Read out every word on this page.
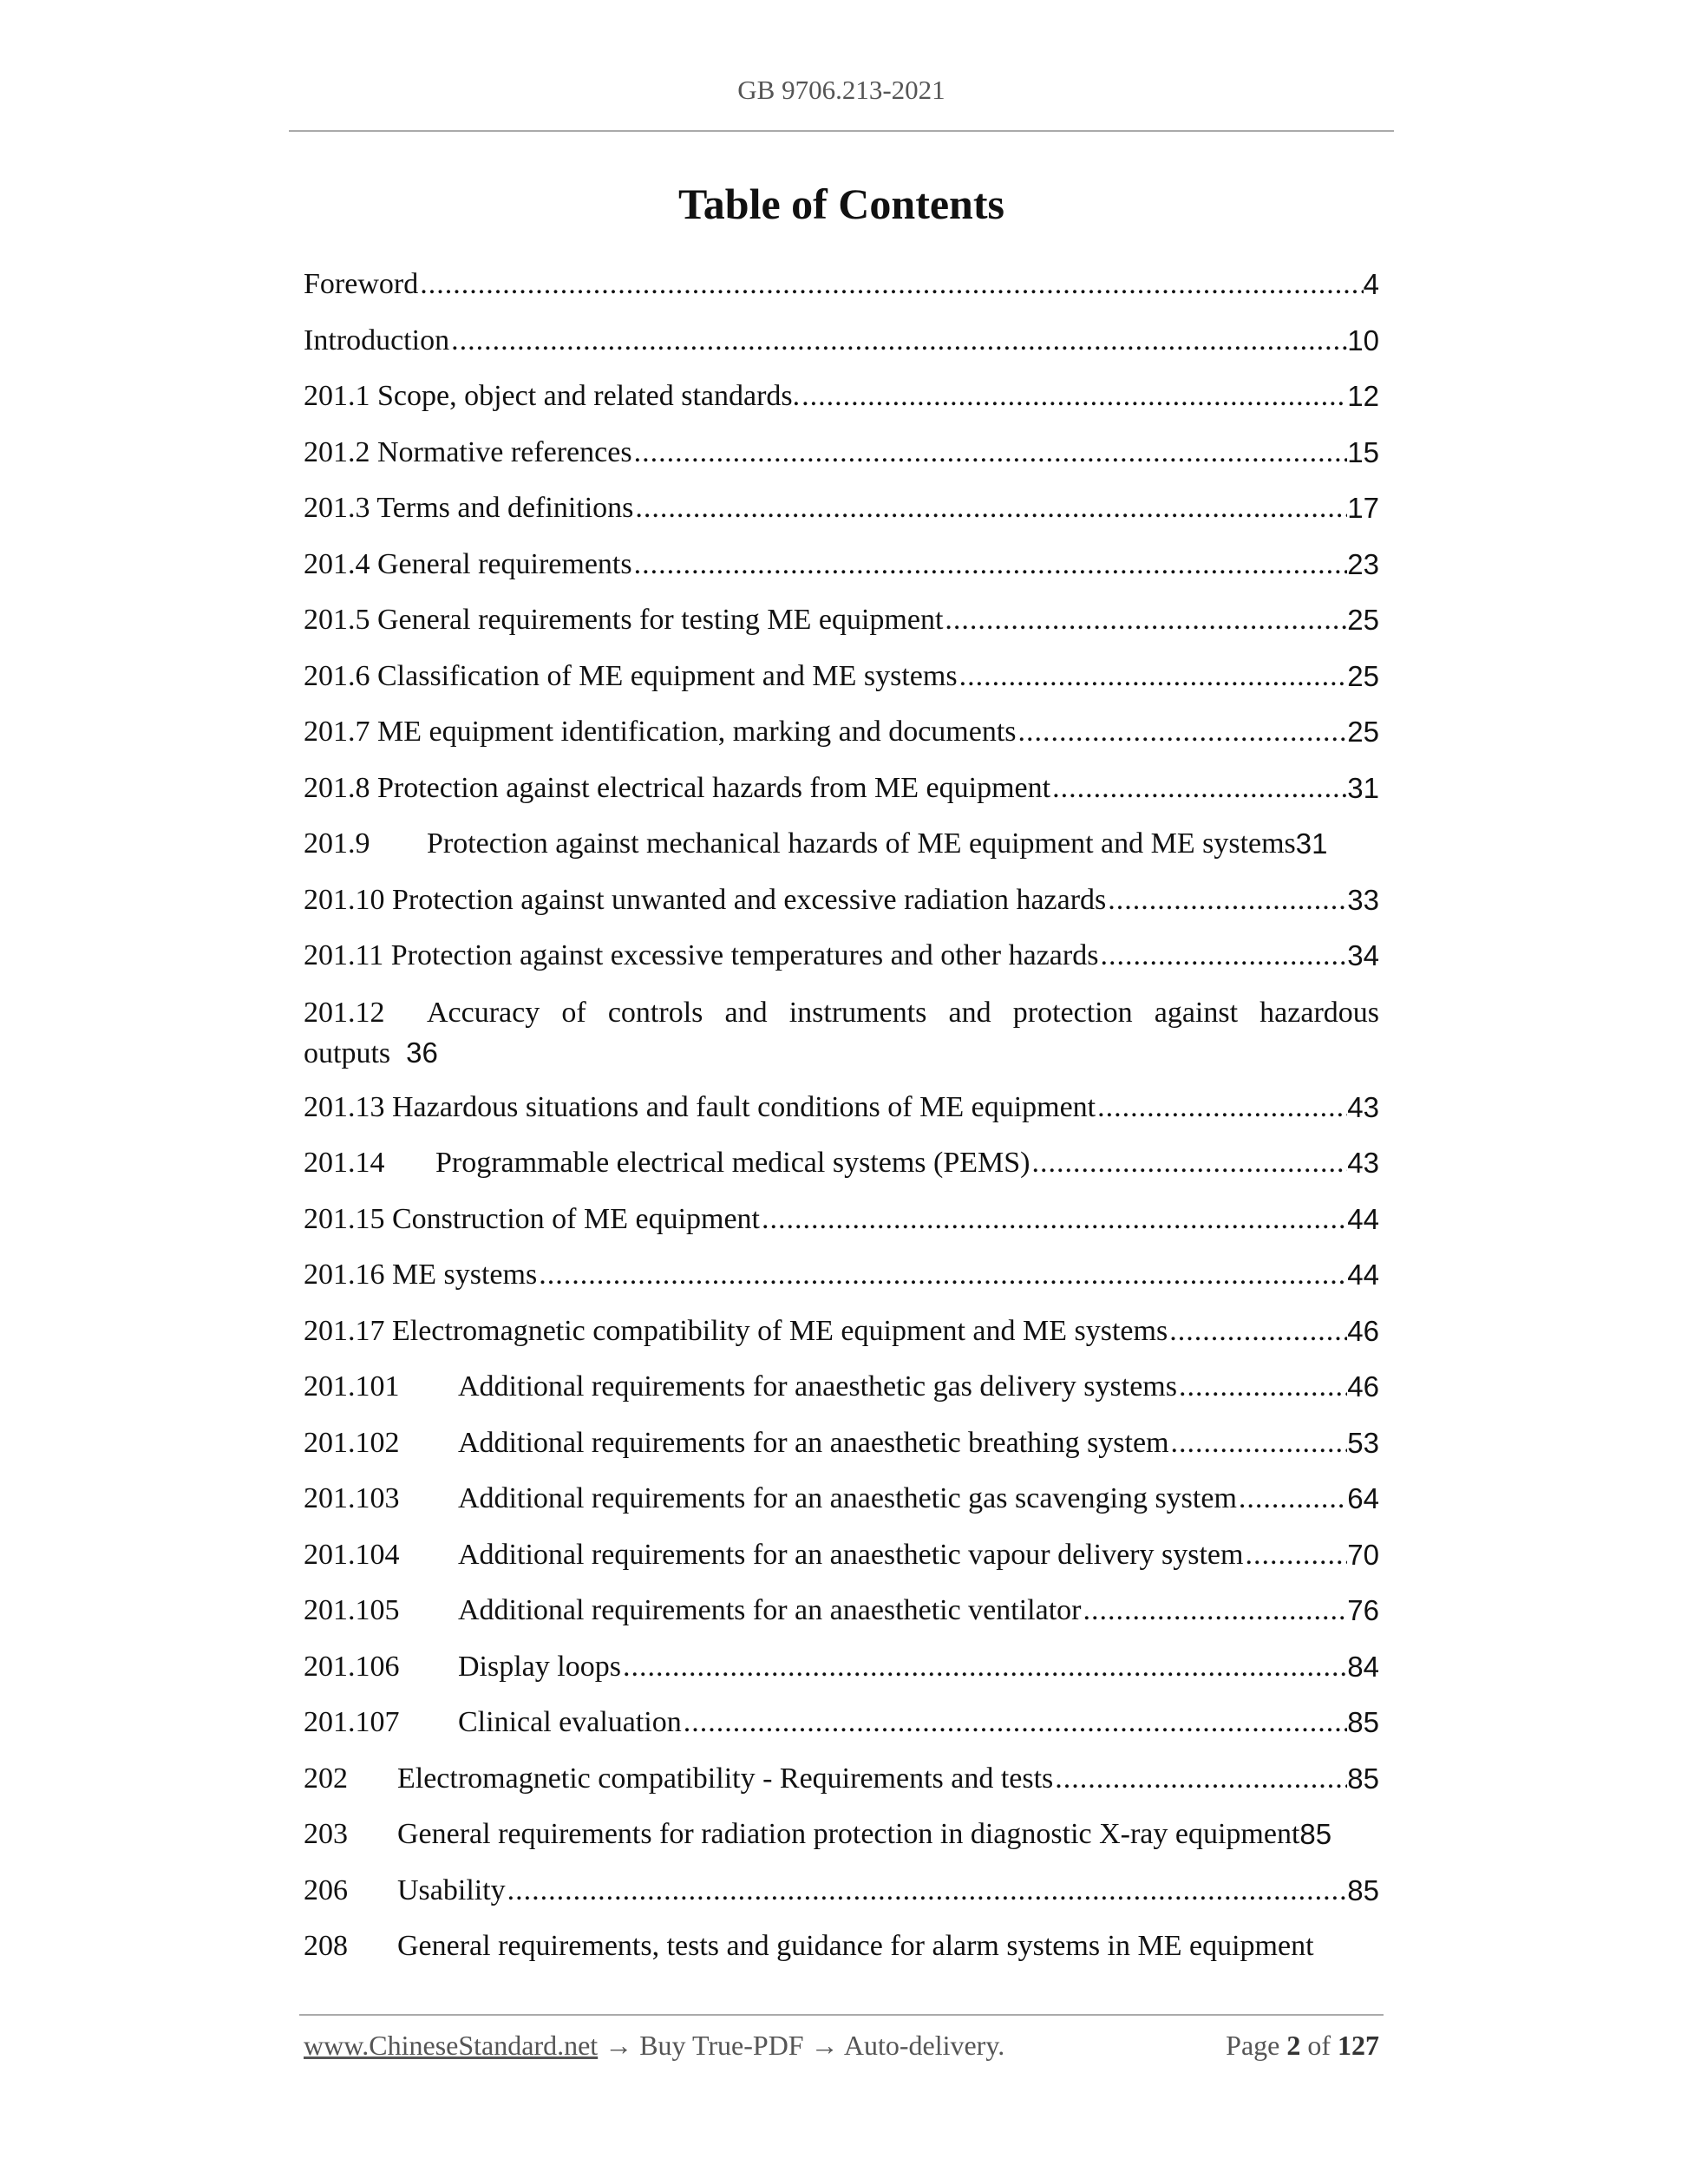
GB 9706.213-2021
Table of Contents
Foreword .....	4
Introduction .....	10
201.1 Scope, object and related standards. .....	12
201.2 Normative references .....	15
201.3 Terms and definitions .....	17
201.4 General requirements .....	23
201.5 General requirements for testing ME equipment .....	25
201.6 Classification of ME equipment and ME systems .....	25
201.7 ME equipment identification, marking and documents .....	25
201.8 Protection against electrical hazards from ME equipment .....	31
201.9	Protection against mechanical hazards of ME equipment and ME systems 31
201.10 Protection against unwanted and excessive radiation hazards .....	33
201.11 Protection against excessive temperatures and other hazards .....	34
201.12 Accuracy of controls and instruments and protection against hazardous outputs 36
201.13 Hazardous situations and fault conditions of ME equipment .....	43
201.14	Programmable electrical medical systems (PEMS) .....	43
201.15 Construction of ME equipment .....	44
201.16 ME systems .....	44
201.17 Electromagnetic compatibility of ME equipment and ME systems .....	46
201.101	Additional requirements for anaesthetic gas delivery systems .....	46
201.102	Additional requirements for an anaesthetic breathing system .....	53
201.103	Additional requirements for an anaesthetic gas scavenging system .....	64
201.104	Additional requirements for an anaesthetic vapour delivery system .....	70
201.105	Additional requirements for an anaesthetic ventilator .....	76
201.106	Display loops .....	84
201.107	Clinical evaluation .....	85
202	Electromagnetic compatibility - Requirements and tests .....	85
203	General requirements for radiation protection in diagnostic X-ray equipment 85
206	Usability .....	85
208	General requirements, tests and guidance for alarm systems in ME equipment
www.ChineseStandard.net → Buy True-PDF → Auto-delivery.	Page 2 of 127
